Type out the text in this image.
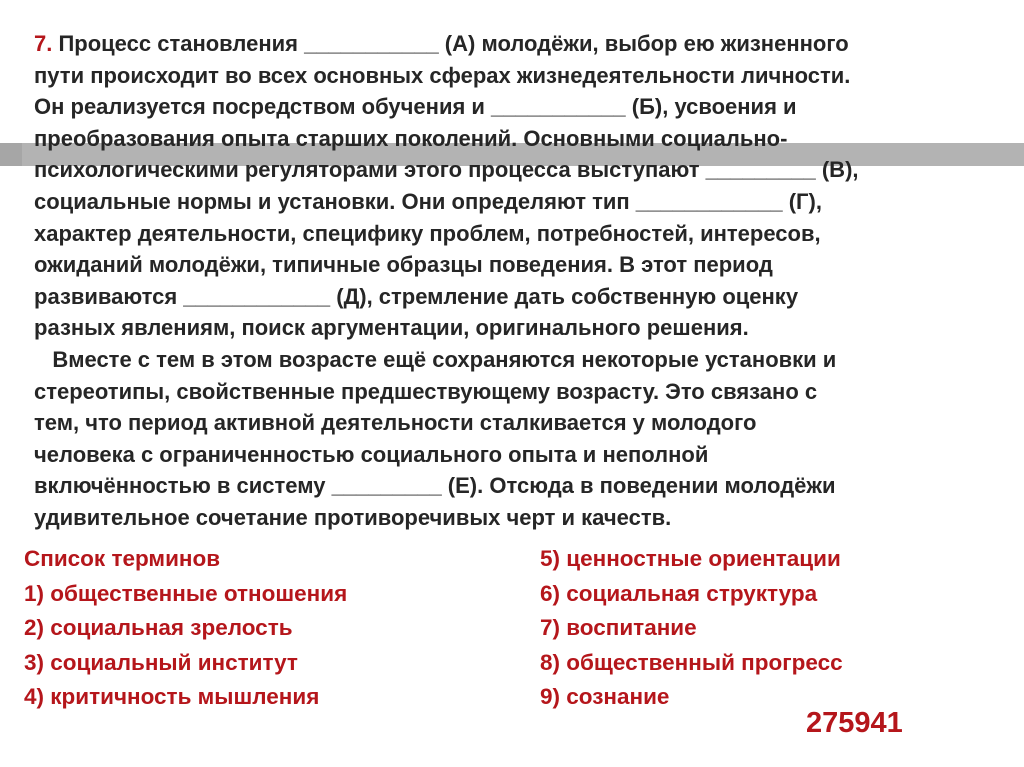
7. Процесс становления ___________ (А) молодёжи, выбор ею жизненного
пути происходит во всех основных сферах жизнедеятельности личности.
Он реализуется посредством обучения и ___________ (Б), усвоения и
преобразования опыта старших поколений. Основными социально-
психологическими регуляторами этого процесса выступают _________ (В),
социальные нормы и установки. Они определяют тип ____________ (Г),
характер деятельности, специфику проблем, потребностей, интересов,
ожиданий молодёжи, типичные образцы поведения. В этот период
развиваются ____________ (Д), стремление дать собственную оценку
разных явлениям, поиск аргументации, оригинального решения.
Вместе с тем в этом возрасте ещё сохраняются некоторые установки и
стереотипы, свойственные предшествующему возрасту. Это связано с
тем, что период активной деятельности сталкивается у молодого
человека с ограниченностью социального опыта и неполной
включённостью в систему _________ (Е). Отсюда в поведении молодёжи
удивительное сочетание противоречивых черт и качеств.
Список терминов
1) общественные отношения
2) социальная зрелость
3) социальный институт
4) критичность мышления
5) ценностные ориентации
6) социальная структура
7) воспитание
8) общественный прогресс
9) сознание
275941
